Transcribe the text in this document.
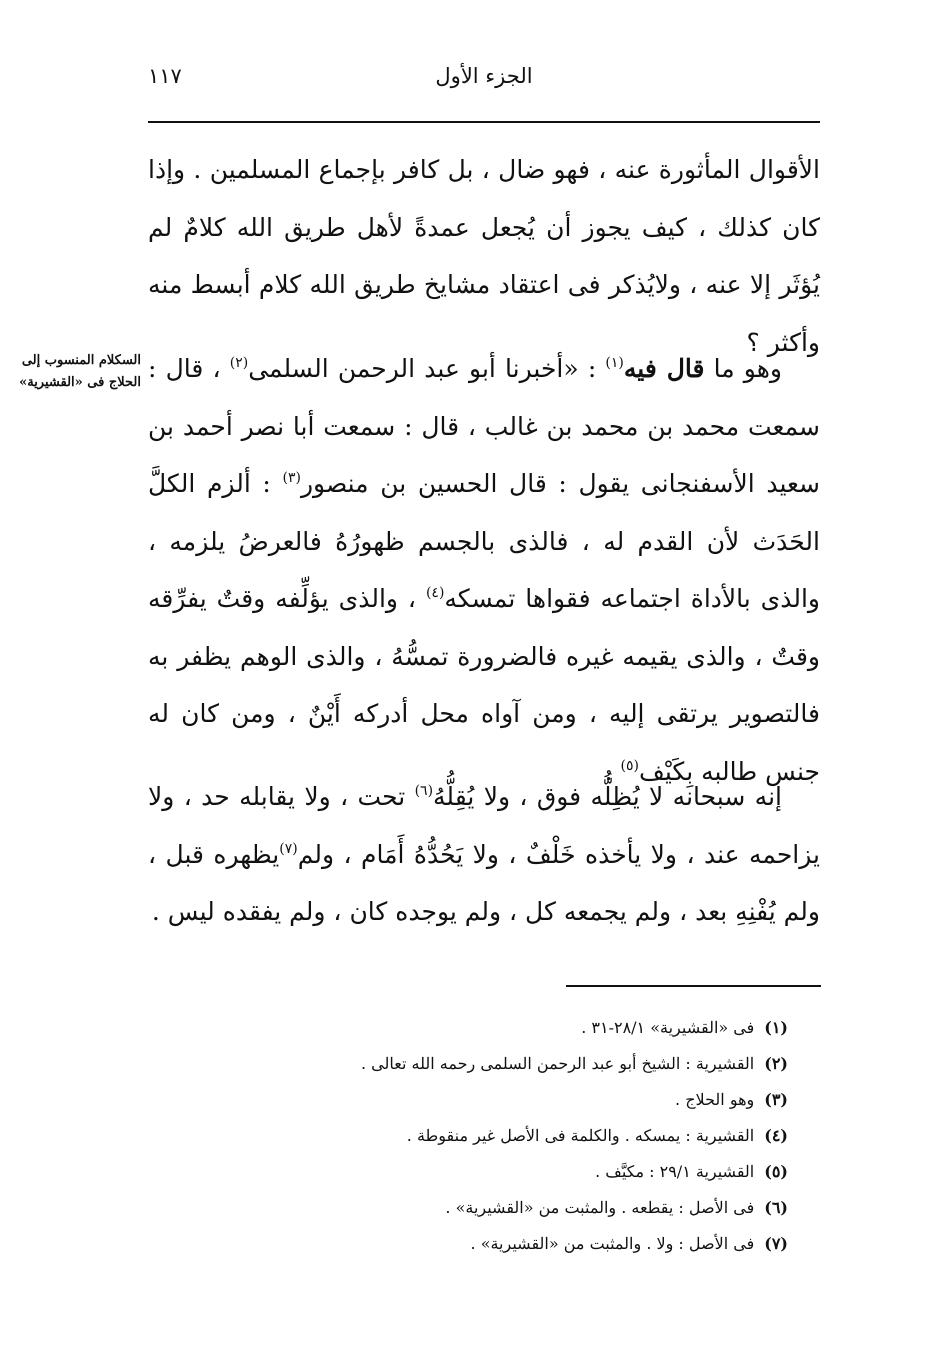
الجزء الأول
١١٧

الأقوال المأثورة عنه ، فهو ضال ، بل كافر بإجماع المسلمين . وإذا كان كذلك ، كيف يجوز أن يُجعل عمدةً لأهل طريق الله كلامٌ لم يُؤثَر إلا عنه ، ولايُذكر فى اعتقاد مشايخ طريق الله كلام أبسط منه وأكثر ؟

السكلام المنسوب إلى
الحلاج فى «القشيرية»	وهو ما قال فيه$^{(١)}$ : «أخبرنا أبو عبد الرحمن السلمى$^{(٢)}$ ، قال : سمعت محمد بن محمد بن غالب ، قال : سمعت أبا نصر أحمد بن سعيد الأسفنجانى يقول : قال الحسين بن منصور$^{(٣)}$ : ألزم الكلَّ الحَدَث لأن القدم له ، فالذى بالجسم ظهورُهُ فالعرضُ يلزمه ، والذى بالأداة اجتماعه فقواها تمسكه$^{(٤)}$ ، والذى يؤلِّفه وقتٌ يفرِّقه وقتٌ ، والذى يقيمه غيره فالضرورة تمسُّهُ ، والذى الوهم يظفر به فالتصوير يرتقى إليه ، ومن آواه محل أدركه أَيْنٌ ، ومن كان له جنس طالبه بِكَيْف$^{(٥)}$ .

إنه سبحانه لا يُظِلُّه فوق ، ولا يُقِلُّهُ$^{(٦)}$ تحت ، ولا يقابله حد ، ولا يزاحمه عند ، ولا يأخذه خَلْفٌ ، ولا يَحُدُّهُ أَمَام ، ولم$^{(٧)}$يظهره قبل ، ولم يُفْنِهِ بعد ، ولم يجمعه كل ، ولم يوجده كان ، ولم يفقده ليس .

(١)فى «القشيرية» ٢٨/١-٣١ .
(٢)القشيرية : الشيخ أبو عبد الرحمن السلمى رحمه الله تعالى .
(٣)وهو الحلاج .
(٤)القشيرية : يمسكه . والكلمة فى الأصل غير منقوطة .
(٥)القشيرية ٢٩/١ : مكيَّف .
(٦)فى الأصل : يقطعه . والمثبت من «القشيرية» .
(٧)فى الأصل : ولا . والمثبت من «القشيرية» .
